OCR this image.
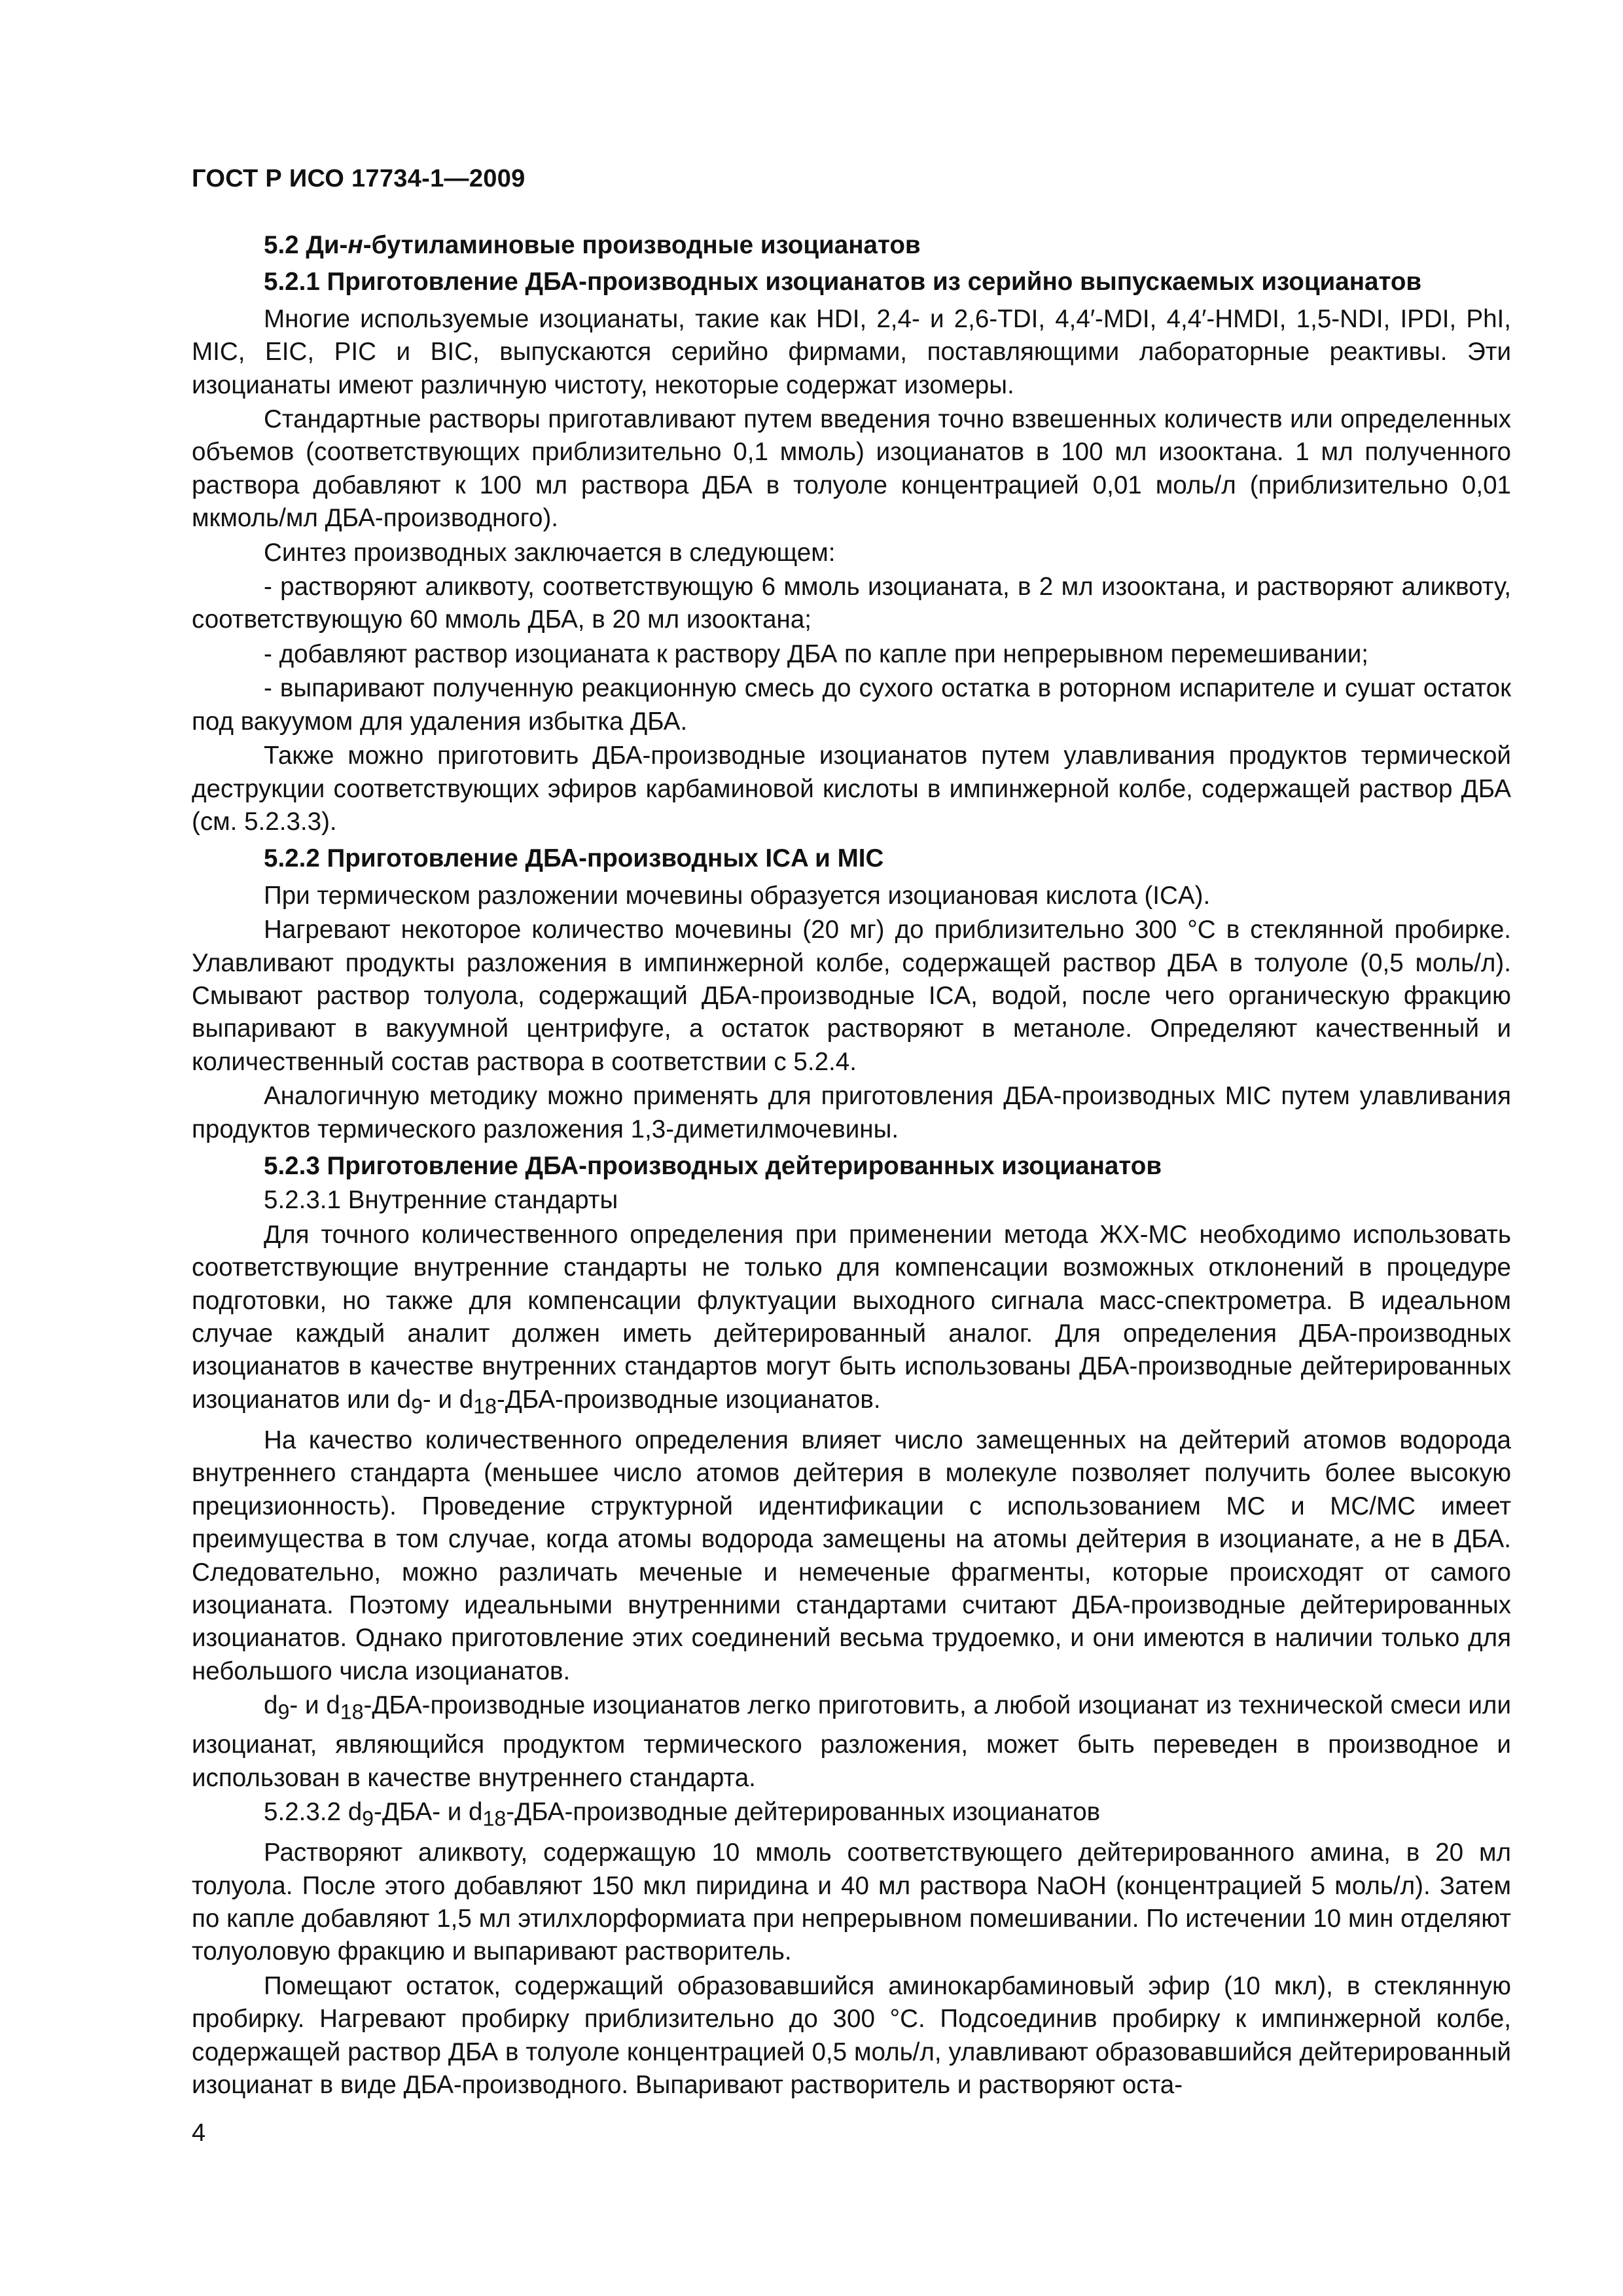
ГОСТ Р ИСО 17734-1—2009

5.2 Ди-н-бутиламиновые производные изоцианатов

5.2.1 Приготовление ДБА-производных изоцианатов из серийно выпускаемых изоцианатов

Многие используемые изоцианаты, такие как HDI, 2,4- и 2,6-TDI, 4,4′-MDI, 4,4′-HMDI, 1,5-NDI, IPDI, PhI, MIC, EIC, PIC и BIC, выпускаются серийно фирмами, поставляющими лабораторные реактивы. Эти изоцианаты имеют различную чистоту, некоторые содержат изомеры.

Стандартные растворы приготавливают путем введения точно взвешенных количеств или определенных объемов (соответствующих приблизительно 0,1 ммоль) изоцианатов в 100 мл изооктана. 1 мл полученного раствора добавляют к 100 мл раствора ДБА в толуоле концентрацией 0,01 моль/л (приблизительно 0,01 мкмоль/мл ДБА-производного).

Синтез производных заключается в следующем:

- растворяют аликвоту, соответствующую 6 ммоль изоцианата, в 2 мл изооктана, и растворяют аликвоту, соответствующую 60 ммоль ДБА, в 20 мл изооктана;

- добавляют раствор изоцианата к раствору ДБА по капле при непрерывном перемешивании;

- выпаривают полученную реакционную смесь до сухого остатка в роторном испарителе и сушат остаток под вакуумом для удаления избытка ДБА.

Также можно приготовить ДБА-производные изоцианатов путем улавливания продуктов термической деструкции соответствующих эфиров карбаминовой кислоты в импинжерной колбе, содержащей раствор ДБА (см. 5.2.3.3).

5.2.2 Приготовление ДБА-производных ICA и MIC

При термическом разложении мочевины образуется изоциановая кислота (ICA).

Нагревают некоторое количество мочевины (20 мг) до приблизительно 300 °С в стеклянной пробирке. Улавливают продукты разложения в импинжерной колбе, содержащей раствор ДБА в толуоле (0,5 моль/л). Смывают раствор толуола, содержащий ДБА-производные ICA, водой, после чего органическую фракцию выпаривают в вакуумной центрифуге, а остаток растворяют в метаноле. Определяют качественный и количественный состав раствора в соответствии с 5.2.4.

Аналогичную методику можно применять для приготовления ДБА-производных MIC путем улавливания продуктов термического разложения 1,3-диметилмочевины.

5.2.3 Приготовление ДБА-производных дейтерированных изоцианатов

5.2.3.1 Внутренние стандарты

Для точного количественного определения при применении метода ЖХ-МС необходимо использовать соответствующие внутренние стандарты не только для компенсации возможных отклонений в процедуре подготовки, но также для компенсации флуктуации выходного сигнала масс-спектрометра. В идеальном случае каждый аналит должен иметь дейтерированный аналог. Для определения ДБА-производных изоцианатов в качестве внутренних стандартов могут быть использованы ДБА-производные дейтерированных изоцианатов или $d_9-$ и $d_{18}-ДБА$-производные изоцианатов.

На качество количественного определения влияет число замещенных на дейтерий атомов водорода внутреннего стандарта (меньшее число атомов дейтерия в молекуле позволяет получить более высокую прецизионность). Проведение структурной идентификации с использованием МС и МС/МС имеет преимущества в том случае, когда атомы водорода замещены на атомы дейтерия в изоцианате, а не в ДБА. Следовательно, можно различать меченые и немеченые фрагменты, которые происходят от самого изоцианата. Поэтому идеальными внутренними стандартами считают ДБА-производные дейтерированных изоцианатов. Однако приготовление этих соединений весьма трудоемко, и они имеются в наличии только для небольшого числа изоцианатов.

$d_9-$ и $d_{18}-ДБА$-производные изоцианатов легко приготовить, а любой изоцианат из технической смеси или изоцианат, являющийся продуктом термического разложения, может быть переведен в производное и использован в качестве внутреннего стандарта.

5.2.3.2 $d_9-ДБА-$ и $d_{18}-ДБА$-производные дейтерированных изоцианатов

Растворяют аликвоту, содержащую 10 ммоль соответствующего дейтерированного амина, в 20 мл толуола. После этого добавляют 150 мкл пиридина и 40 мл раствора NaOH (концентрацией 5 моль/л). Затем по капле добавляют 1,5 мл этилхлорформиата при непрерывном помешивании. По истечении 10 мин отделяют толуоловую фракцию и выпаривают растворитель.

Помещают остаток, содержащий образовавшийся аминокарбаминовый эфир (10 мкл), в стеклянную пробирку. Нагревают пробирку приблизительно до 300 °С. Подсоединив пробирку к импинжерной колбе, содержащей раствор ДБА в толуоле концентрацией 0,5 моль/л, улавливают образовавшийся дейтерированный изоцианат в виде ДБА-производного. Выпаривают растворитель и растворяют оста-

4
